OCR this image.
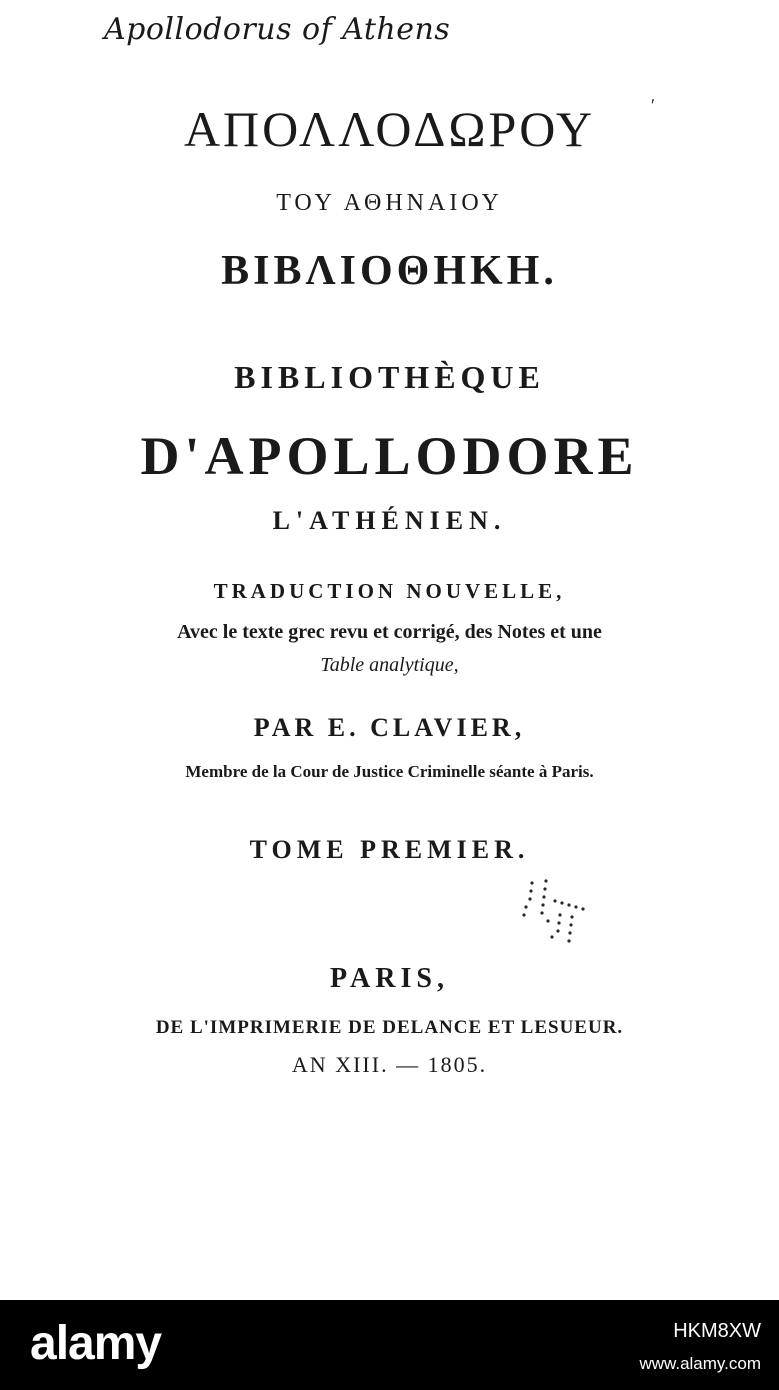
Apollodorus of Athens
ΑΠΟΛΛΟΔΩΡΟΥ	ʹ
ΤΟΥ ΑΘΗΝΑΙΟΥ
ΒΙΒΛΙΟΘΗΚΗ.
BIBLIOTHÈQUE
D'APOLLODORE
L'ATHÉNIEN.
TRADUCTION NOUVELLE,
Avec le texte grec revu et corrigé, des Notes et une
Table analytique,
PAR E. CLAVIER,
Membre de la Cour de Justice Criminelle séante à Paris.
TOME PREMIER.
PARIS,
DE L'IMPRIMERIE DE DELANCE ET LESUEUR.
AN XIII. — 1805.
alamy	HKM8XW
www.alamy.com
